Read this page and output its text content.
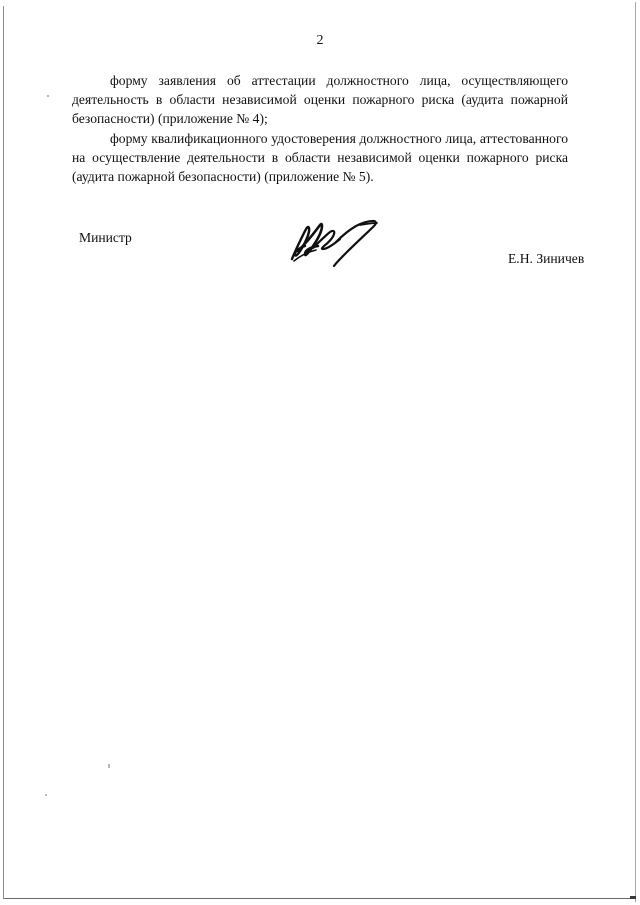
2

форму заявления об аттестации должностного лица, осуществляющего деятельность в области независимой оценки пожарного риска (аудита пожарной безопасности) (приложение № 4);

форму квалификационного удостоверения должностного лица, аттестованного на осуществление деятельности в области независимой оценки пожарного риска (аудита пожарной безопасности) (приложение № 5).

Министр
Е.Н. Зиничев
